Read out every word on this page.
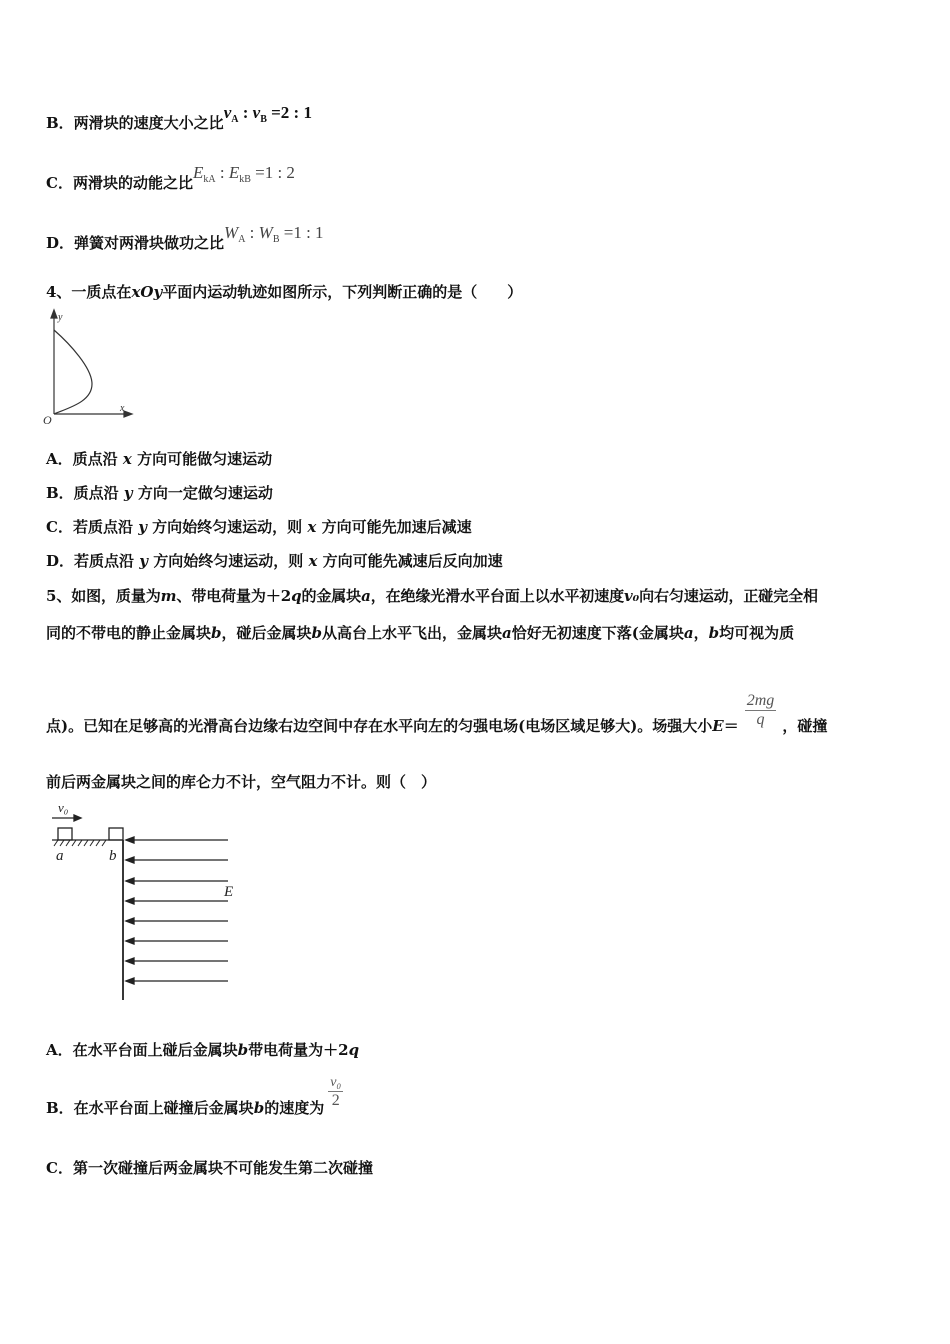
B．两滑块的速度大小之比$v_A$ : $v_B =2$ : 1
C．两滑块的动能之比$E_{kA}$ : $E_{kB} =1$ : 2
D．弹簧对两滑块做功之比$W_A$ : $W_B =1$ : 1
4、一质点在xOy平面内运动轨迹如图所示，下列判断正确的是（　　）
y
x
O
A．质点沿 x 方向可能做匀速运动
B．质点沿 y 方向一定做匀速运动
C．若质点沿 y 方向始终匀速运动，则 x 方向可能先加速后减速
D．若质点沿 y 方向始终匀速运动，则 x 方向可能先减速后反向加速
5、如图，质量为m、带电荷量为＋2q的金属块a，在绝缘光滑水平台面上以水平初速度v₀向右匀速运动，正碰完全相
同的不带电的静止金属块b，碰后金属块b从高台上水平飞出，金属块a恰好无初速度下落(金属块a，b均可视为质
点)。已知在足够高的光滑高台边缘右边空间中存在水平向左的匀强电场(电场区域足够大)。场强大小$E= \frac{2mg}{q}$ ，碰撞
前后两金属块之间的库仑力不计，空气阻力不计。则（　）
v₀
a	b
E
A．在水平台面上碰后金属块b带电荷量为＋2q
B．在水平台面上碰撞后金属块b的速度为 $\frac{\text{v₀}}{2}$
C．第一次碰撞后两金属块不可能发生第二次碰撞
